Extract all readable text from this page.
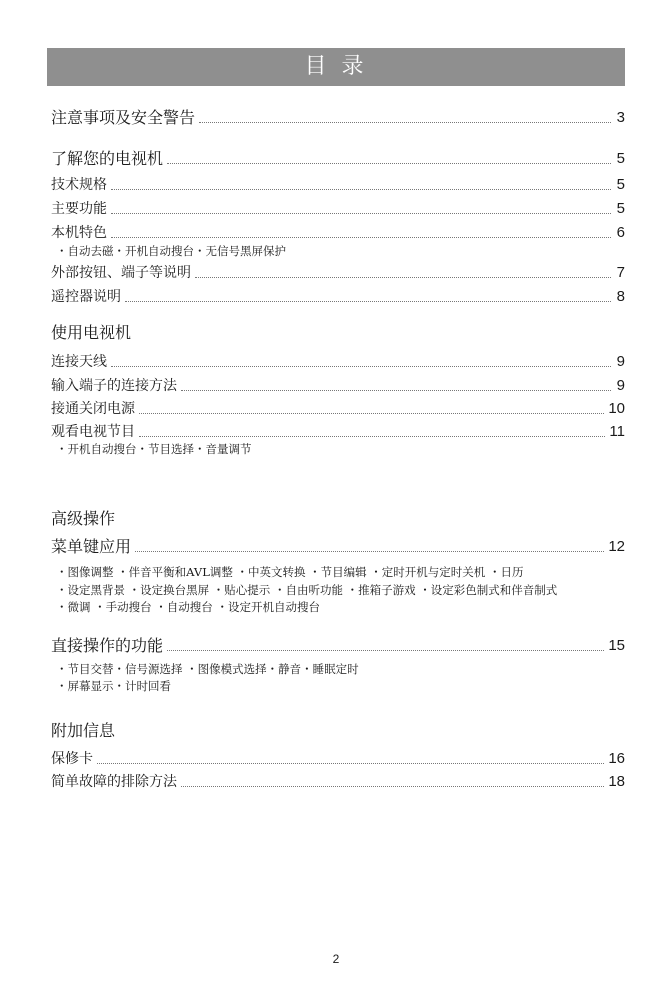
目 录
注意事项及安全警告	3
了解您的电视机	5
技术规格	5
主要功能	5
本机特色	6
・自动去磁・开机自动搜台・无信号黑屏保护
外部按钮、端子等说明	7
遥控器说明	8
使用电视机
连接天线	9
输入端子的连接方法	9
接通关闭电源	10
观看电视节目	11
・开机自动搜台・节目选择・音量调节
高级操作
菜单键应用	12
・图像调整 ・伴音平衡和AVL调整 ・中英文转换 ・节目编辑 ・定时开机与定时关机 ・日历
・设定黑背景 ・设定换台黑屏 ・贴心提示 ・自由听功能 ・推箱子游戏 ・设定彩色制式和伴音制式
・微调 ・手动搜台 ・自动搜台 ・设定开机自动搜台
直接操作的功能	15
・节目交替・信号源选择 ・图像模式选择・静音・睡眠定时
・屏幕显示・计时回看
附加信息
保修卡	16
简单故障的排除方法	18
2
